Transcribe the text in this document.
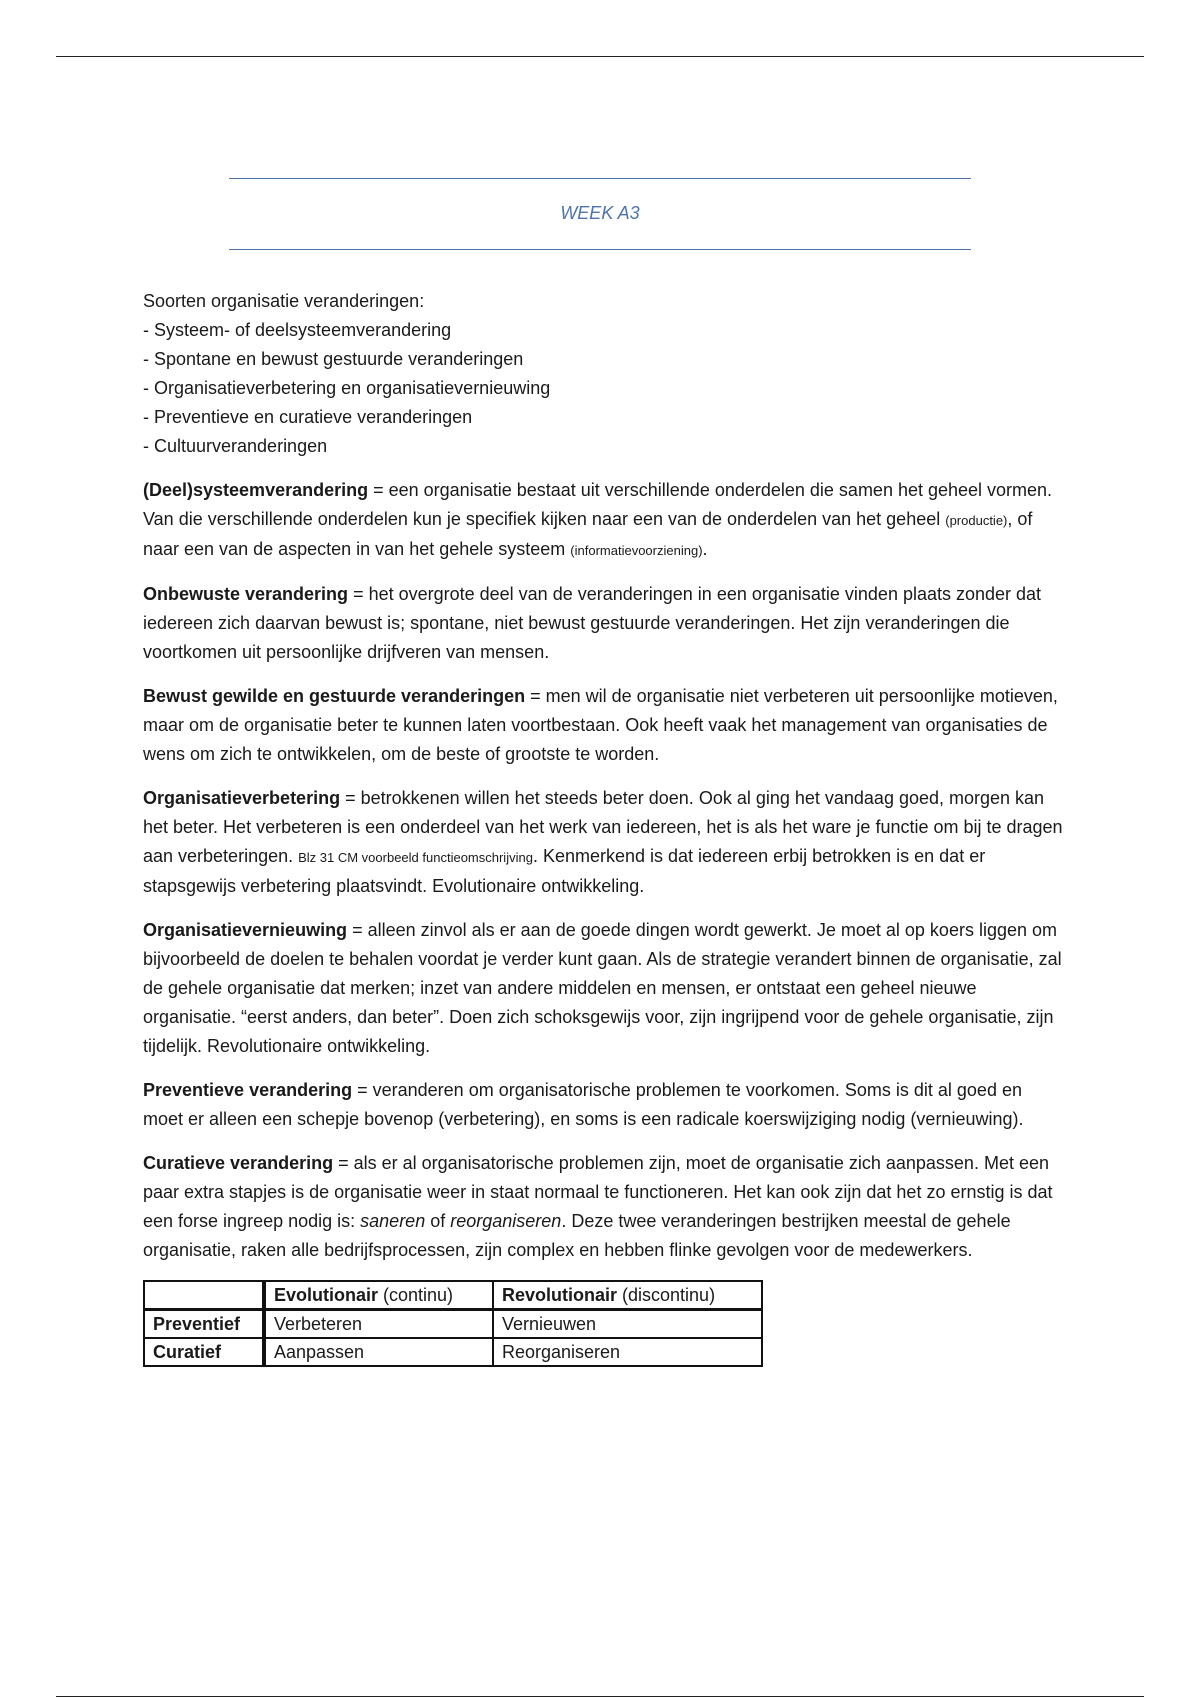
WEEK A3
Soorten organisatie veranderingen:
- Systeem- of deelsysteemverandering
- Spontane en bewust gestuurde veranderingen
- Organisatieverbetering en organisatievernieuwing
- Preventieve en curatieve veranderingen
- Cultuurveranderingen

(Deel)systeemverandering = een organisatie bestaat uit verschillende onderdelen die samen het geheel vormen. Van die verschillende onderdelen kun je specifiek kijken naar een van de onderdelen van het geheel (productie), of naar een van de aspecten in van het gehele systeem (informatievoorziening).

Onbewuste verandering = het overgrote deel van de veranderingen in een organisatie vinden plaats zonder dat iedereen zich daarvan bewust is; spontane, niet bewust gestuurde veranderingen. Het zijn veranderingen die voortkomen uit persoonlijke drijfveren van mensen.

Bewust gewilde en gestuurde veranderingen = men wil de organisatie niet verbeteren uit persoonlijke motieven, maar om de organisatie beter te kunnen laten voortbestaan. Ook heeft vaak het management van organisaties de wens om zich te ontwikkelen, om de beste of grootste te worden.

Organisatieverbetering = betrokkenen willen het steeds beter doen. Ook al ging het vandaag goed, morgen kan het beter. Het verbeteren is een onderdeel van het werk van iedereen, het is als het ware je functie om bij te dragen aan verbeteringen. Blz 31 CM voorbeeld functieomschrijving. Kenmerkend is dat iedereen erbij betrokken is en dat er stapsgewijs verbetering plaatsvindt. Evolutionaire ontwikkeling.

Organisatievernieuwing = alleen zinvol als er aan de goede dingen wordt gewerkt. Je moet al op koers liggen om bijvoorbeeld de doelen te behalen voordat je verder kunt gaan. Als de strategie verandert binnen de organisatie, zal de gehele organisatie dat merken; inzet van andere middelen en mensen, er ontstaat een geheel nieuwe organisatie. “eerst anders, dan beter”. Doen zich schoksgewijs voor, zijn ingrijpend voor de gehele organisatie, zijn tijdelijk. Revolutionaire ontwikkeling.

Preventieve verandering = veranderen om organisatorische problemen te voorkomen. Soms is dit al goed en moet er alleen een schepje bovenop (verbetering), en soms is een radicale koerswijziging nodig (vernieuwing).

Curatieve verandering = als er al organisatorische problemen zijn, moet de organisatie zich aanpassen. Met een paar extra stapjes is de organisatie weer in staat normaal te functioneren. Het kan ook zijn dat het zo ernstig is dat een forse ingreep nodig is: saneren of reorganiseren. Deze twee veranderingen bestrijken meestal de gehele organisatie, raken alle bedrijfsprocessen, zijn complex en hebben flinke gevolgen voor de medewerkers.

	Evolutionair (continu)	Revolutionair (discontinu)
Preventief	Verbeteren	Vernieuwen
Curatief	Aanpassen	Reorganiseren
